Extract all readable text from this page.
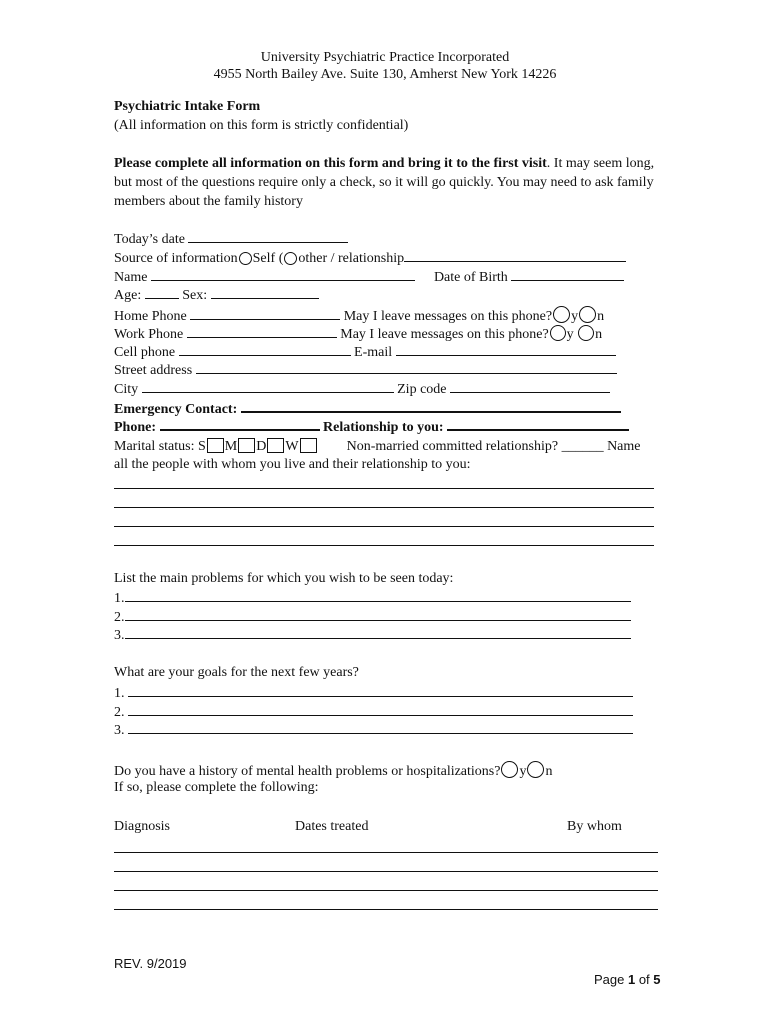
University Psychiatric Practice Incorporated
4955 North Bailey Ave. Suite 130, Amherst New York 14226
Psychiatric Intake Form
(All information on this form is strictly confidential)
Please complete all information on this form and bring it to the first visit. It may seem long,
but most of the questions require only a check, so it will go quickly. You may need to ask family
members about the family history
Today’s date
Source of information Self ( other / relationship
Name	Date of Birth
Age:	Sex:
Home Phone	May I leave messages on this phone? y n
Work Phone	May I leave messages on this phone? y n
Cell phone	E-mail
Street address
City	Zip code
Emergency Contact:
Phone:	Relationship to you:
Marital status: S M D W	Non-married committed relationship? ______ Name
all the people with whom you live and their relationship to you:
List the main problems for which you wish to be seen today:
1.
2.
3.
What are your goals for the next few years?
1.
2.
3.
Do you have a history of mental health problems or hospitalizations? y n
If so, please complete the following:
Diagnosis	Dates treated	By whom
REV. 9/2019
Page 1 of 5
